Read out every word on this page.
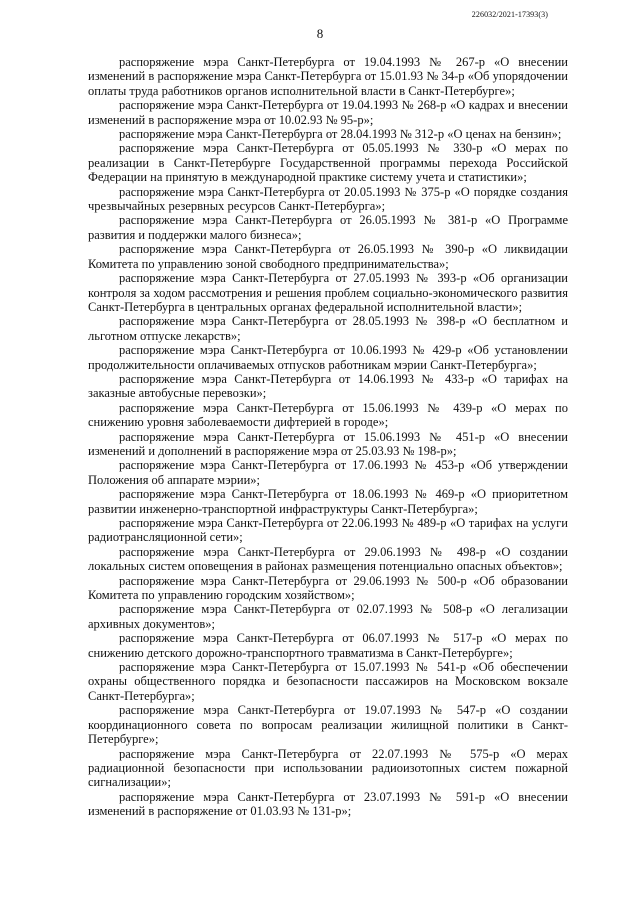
226032/2021-17393(3)
8

распоряжение мэра Санкт-Петербурга от 19.04.1993 № 267-р «О внесении изменений в распоряжение мэра Санкт-Петербурга от 15.01.93 № 34-р «Об упорядочении оплаты труда работников органов исполнительной власти в Санкт-Петербурге»;

распоряжение мэра Санкт-Петербурга от 19.04.1993 № 268-р «О кадрах и внесении изменений в распоряжение мэра от 10.02.93 № 95-р»;

распоряжение мэра Санкт-Петербурга от 28.04.1993 № 312-р «О ценах на бензин»;

распоряжение мэра Санкт-Петербурга от 05.05.1993 № 330-р «О мерах по реализации в Санкт-Петербурге Государственной программы перехода Российской Федерации на принятую в международной практике систему учета и статистики»;

распоряжение мэра Санкт-Петербурга от 20.05.1993 № 375-р «О порядке создания чрезвычайных резервных ресурсов Санкт-Петербурга»;

распоряжение мэра Санкт-Петербурга от 26.05.1993 № 381-р «О Программе развития и поддержки малого бизнеса»;

распоряжение мэра Санкт-Петербурга от 26.05.1993 № 390-р «О ликвидации Комитета по управлению зоной свободного предпринимательства»;

распоряжение мэра Санкт-Петербурга от 27.05.1993 № 393-р «Об организации контроля за ходом рассмотрения и решения проблем социально-экономического развития Санкт-Петербурга в центральных органах федеральной исполнительной власти»;

распоряжение мэра Санкт-Петербурга от 28.05.1993 № 398-р «О бесплатном и льготном отпуске лекарств»;

распоряжение мэра Санкт-Петербурга от 10.06.1993 № 429-р «Об установлении продолжительности оплачиваемых отпусков работникам мэрии Санкт-Петербурга»;

распоряжение мэра Санкт-Петербурга от 14.06.1993 № 433-р «О тарифах на заказные автобусные перевозки»;

распоряжение мэра Санкт-Петербурга от 15.06.1993 № 439-р «О мерах по снижению уровня заболеваемости дифтерией в городе»;

распоряжение мэра Санкт-Петербурга от 15.06.1993 № 451-р «О внесении изменений и дополнений в распоряжение мэра от 25.03.93 № 198-р»;

распоряжение мэра Санкт-Петербурга от 17.06.1993 № 453-р «Об утверждении Положения об аппарате мэрии»;

распоряжение мэра Санкт-Петербурга от 18.06.1993 № 469-р «О приоритетном развитии инженерно-транспортной инфраструктуры Санкт-Петербурга»;

распоряжение мэра Санкт-Петербурга от 22.06.1993 № 489-р «О тарифах на услуги радиотрансляционной сети»;

распоряжение мэра Санкт-Петербурга от 29.06.1993 № 498-р «О создании локальных систем оповещения в районах размещения потенциально опасных объектов»;

распоряжение мэра Санкт-Петербурга от 29.06.1993 № 500-р «Об образовании Комитета по управлению городским хозяйством»;

распоряжение мэра Санкт-Петербурга от 02.07.1993 № 508-р «О легализации архивных документов»;

распоряжение мэра Санкт-Петербурга от 06.07.1993 № 517-р «О мерах по снижению детского дорожно-транспортного травматизма в Санкт-Петербурге»;

распоряжение мэра Санкт-Петербурга от 15.07.1993 № 541-р «Об обеспечении охраны общественного порядка и безопасности пассажиров на Московском вокзале Санкт-Петербурга»;

распоряжение мэра Санкт-Петербурга от 19.07.1993 № 547-р «О создании координационного совета по вопросам реализации жилищной политики в Санкт-Петербурге»;

распоряжение мэра Санкт-Петербурга от 22.07.1993 № 575-р «О мерах радиационной безопасности при использовании радиоизотопных систем пожарной сигнализации»;

распоряжение мэра Санкт-Петербурга от 23.07.1993 № 591-р «О внесении изменений в распоряжение от 01.03.93 № 131-р»;
